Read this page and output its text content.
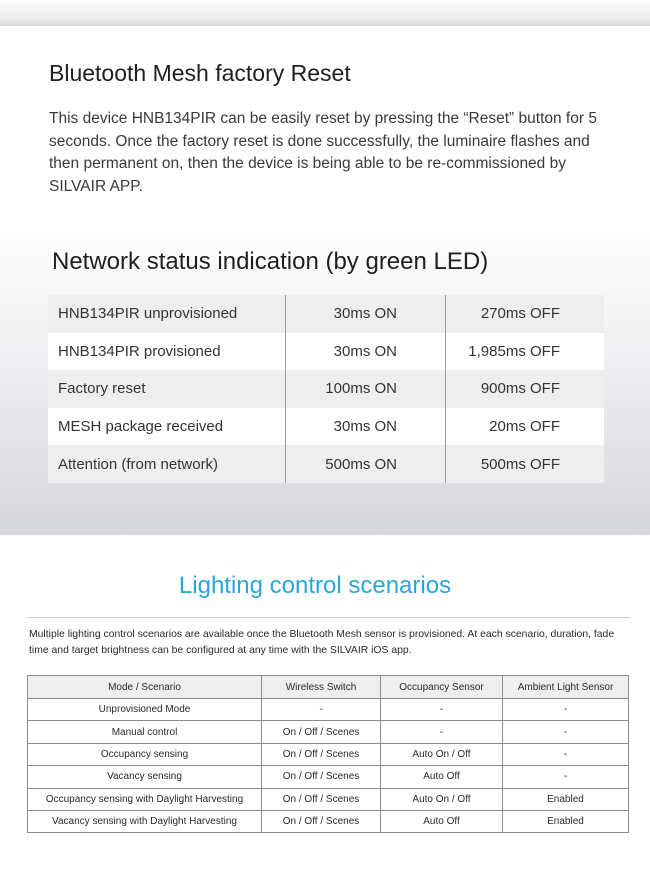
Bluetooth Mesh factory Reset

This device HNB134PIR can be easily reset by pressing the “Reset” button for 5 seconds. Once the factory reset is done successfully, the luminaire flashes and then permanent on, then the device is being able to be re-commissioned by SILVAIR APP.

Network status indication (by green LED)
HNB134PIR unprovisioned	30ms ON	270ms OFF
HNB134PIR provisioned	30ms ON	1,985ms OFF
Factory reset	100ms ON	900ms OFF
MESH package received	30ms ON	20ms OFF
Attention (from network)	500ms ON	500ms OFF
Lighting control scenarios

Multiple lighting control scenarios are available once the Bluetooth Mesh sensor is provisioned. At each scenario, duration, fade time and target brightness can be configured at any time with the SILVAIR iOS app.

Mode / Scenario	Wireless Switch	Occupancy Sensor	Ambient Light Sensor
Unprovisioned Mode	-	-	-
Manual control	On / Off / Scenes	-	-
Occupancy sensing	On / Off / Scenes	Auto On / Off	-
Vacancy sensing	On / Off / Scenes	Auto Off	-
Occupancy sensing with Daylight Harvesting	On / Off / Scenes	Auto On / Off	Enabled
Vacancy sensing with Daylight Harvesting	On / Off / Scenes	Auto Off	Enabled
